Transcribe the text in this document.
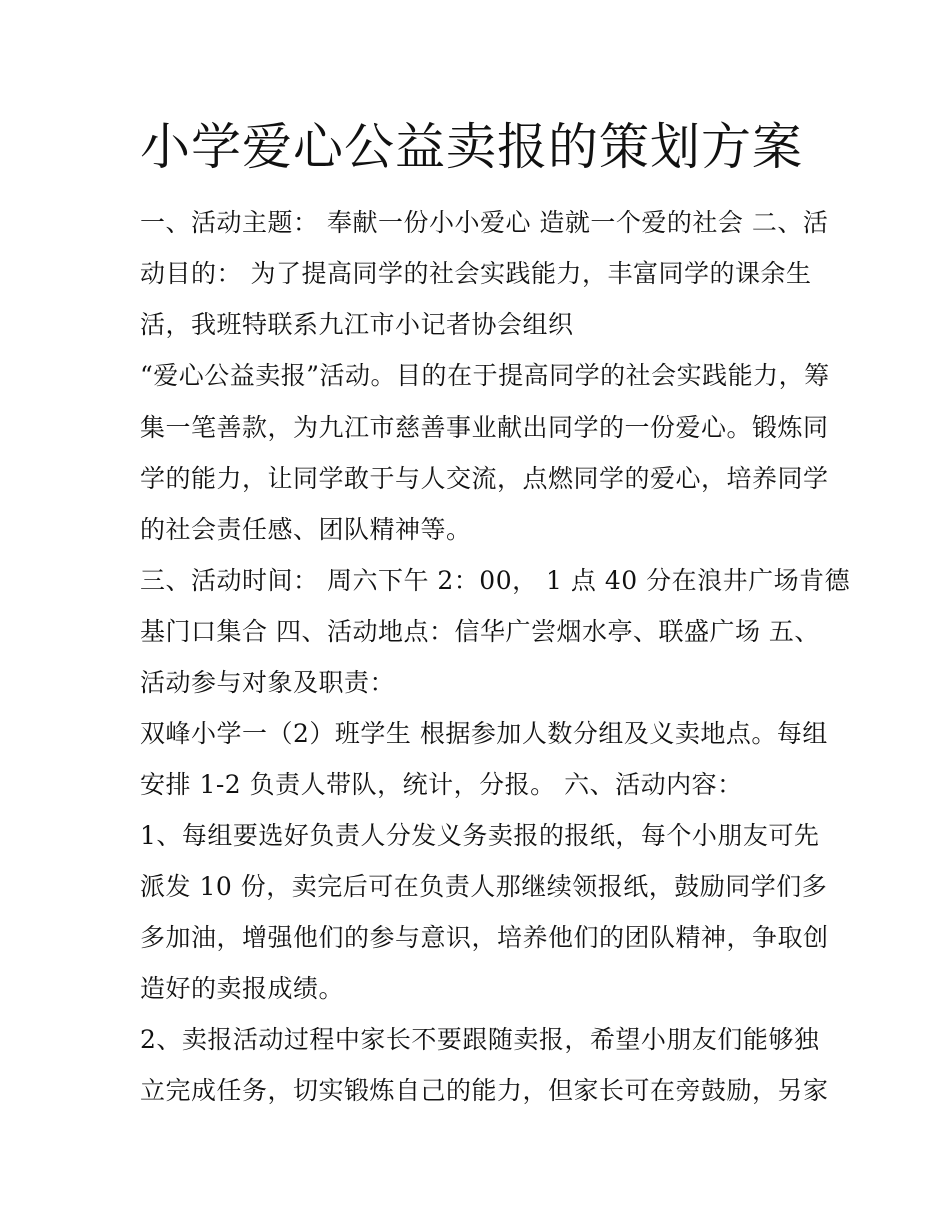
小学爱心公益卖报的策划方案

一、活动主题： 奉献一份小小爱心 造就一个爱的社会 二、活

动目的： 为了提高同学的社会实践能力，丰富同学的课余生

活，我班特联系九江市小记者协会组织

“爱心公益卖报”活动。目的在于提高同学的社会实践能力，筹

集一笔善款，为九江市慈善事业献出同学的一份爱心。锻炼同

学的能力，让同学敢于与人交流，点燃同学的爱心，培养同学

的社会责任感、团队精神等。

三、活动时间： 周六下午 2：00， 1 点 40 分在浪井广场肯德

基门口集合 四、活动地点：信华广尝烟水亭、联盛广场 五、

活动参与对象及职责：

双峰小学一（2）班学生 根据参加人数分组及义卖地点。每组

安排 1-2 负责人带队，统计，分报。 六、活动内容：

1、每组要选好负责人分发义务卖报的报纸，每个小朋友可先

派发 10 份，卖完后可在负责人那继续领报纸，鼓励同学们多

多加油，增强他们的参与意识，培养他们的团队精神，争取创

造好的卖报成绩。

2、卖报活动过程中家长不要跟随卖报，希望小朋友们能够独

立完成任务，切实锻炼自己的能力，但家长可在旁鼓励，另家
